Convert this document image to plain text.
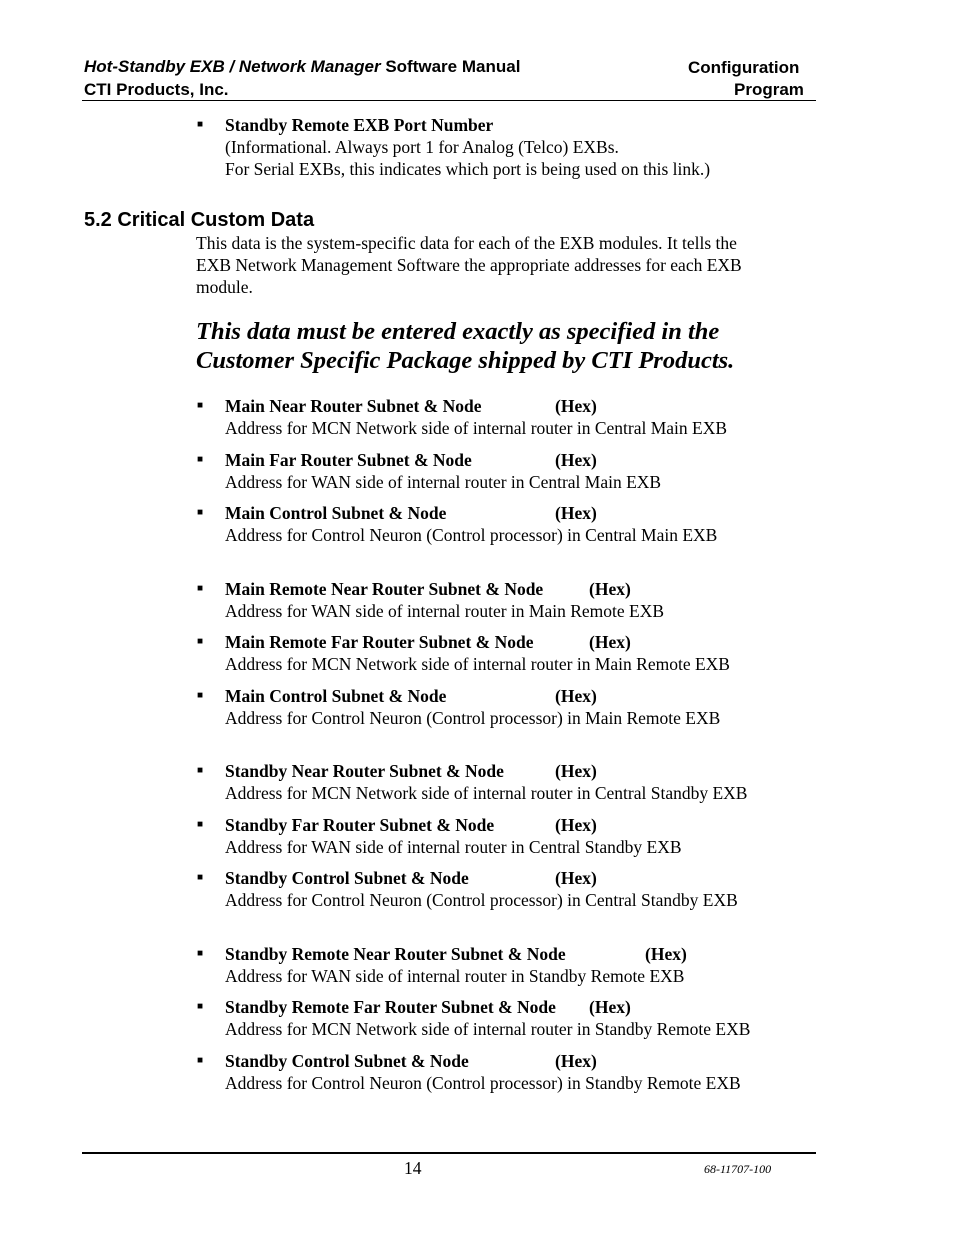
Hot-Standby EXB / Network Manager Software Manual
CTI Products, Inc.
Configuration
Program
■ Standby Remote EXB Port Number
(Informational. Always port 1 for Analog (Telco) EXBs.
For Serial EXBs, this indicates which port is being used on this link.)
5.2 Critical Custom Data
This data is the system-specific data for each of the EXB modules. It tells the
EXB Network Management Software the appropriate addresses for each EXB
module.
This data must be entered exactly as specified in the
Customer Specific Package shipped by CTI Products.
■ Main Near Router Subnet & Node	(Hex)
Address for MCN Network side of internal router in Central Main EXB
■ Main Far Router Subnet & Node	(Hex)
Address for WAN side of internal router in Central Main EXB
■ Main Control Subnet & Node	(Hex)
Address for Control Neuron (Control processor) in Central Main EXB
■ Main Remote Near Router Subnet & Node	(Hex)
Address for WAN side of internal router in Main Remote EXB
■ Main Remote Far Router Subnet & Node	(Hex)
Address for MCN Network side of internal router in Main Remote EXB
■ Main Control Subnet & Node	(Hex)
Address for Control Neuron (Control processor) in Main Remote EXB
■ Standby Near Router Subnet & Node	(Hex)
Address for MCN Network side of internal router in Central Standby EXB
■ Standby Far Router Subnet & Node	(Hex)
Address for WAN side of internal router in Central Standby EXB
■ Standby Control Subnet & Node	(Hex)
Address for Control Neuron (Control processor) in Central Standby EXB
■ Standby Remote Near Router Subnet & Node	(Hex)
Address for WAN side of internal router in Standby Remote EXB
■ Standby Remote Far Router Subnet & Node (Hex)
Address for MCN Network side of internal router in Standby Remote EXB
■ Standby Control Subnet & Node	(Hex)
Address for Control Neuron (Control processor) in Standby Remote EXB
14	68-11707-100
